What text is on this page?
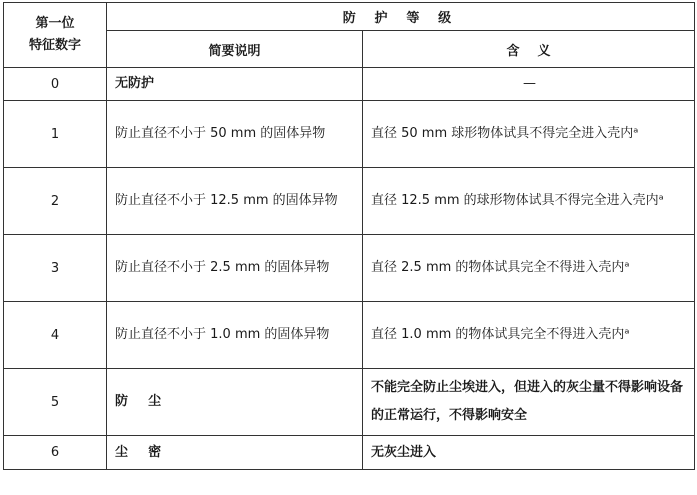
第一位
特征数字	防 护 等 级	
	简要说明	含    义
0	无防护	—
1	防止直径不小于 50 mm 的固体异物	直径 50 mm 球形物体试具不得完全进入壳内ᵃ
2	防止直径不小于 12.5 mm 的固体异物	直径 12.5 mm 的球形物体试具不得完全进入壳内ᵃ
3	防止直径不小于 2.5 mm 的固体异物	直径 2.5 mm 的物体试具完全不得进入壳内ᵃ
4	防止直径不小于 1.0 mm 的固体异物	直径 1.0 mm 的物体试具完全不得进入壳内ᵃ
5	防 尘	不能完全防止尘埃进入，但进入的灰尘量不得影响设备的正常运行，不得影响安全
6	尘 密	无灰尘进入
